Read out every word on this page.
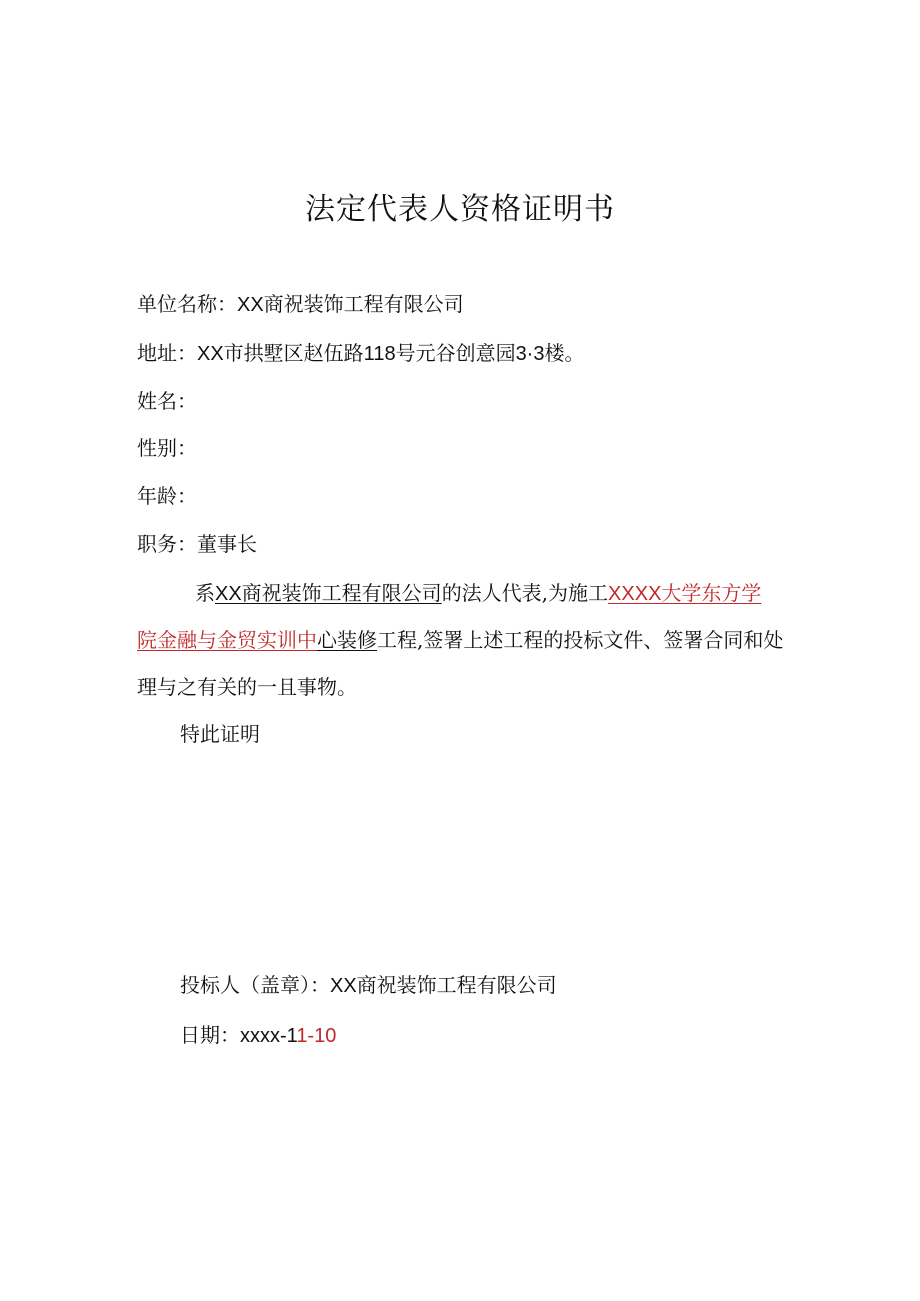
法定代表人资格证明书
单位名称：XX商祝装饰工程有限公司
地址：XX市拱墅区赵伍路118号元谷创意园3·3楼。
姓名：
性别：
年龄：
职务：董事长
系XX商祝装饰工程有限公司的法人代表,为施工XXXX大学东方学
院金融与金贸实训中心装修工程,签署上述工程的投标文件、签署合同和处
理与之有关的一且事物。
特此证明
投标人（盖章）：XX商祝装饰工程有限公司
日期：xxxx-11-10
